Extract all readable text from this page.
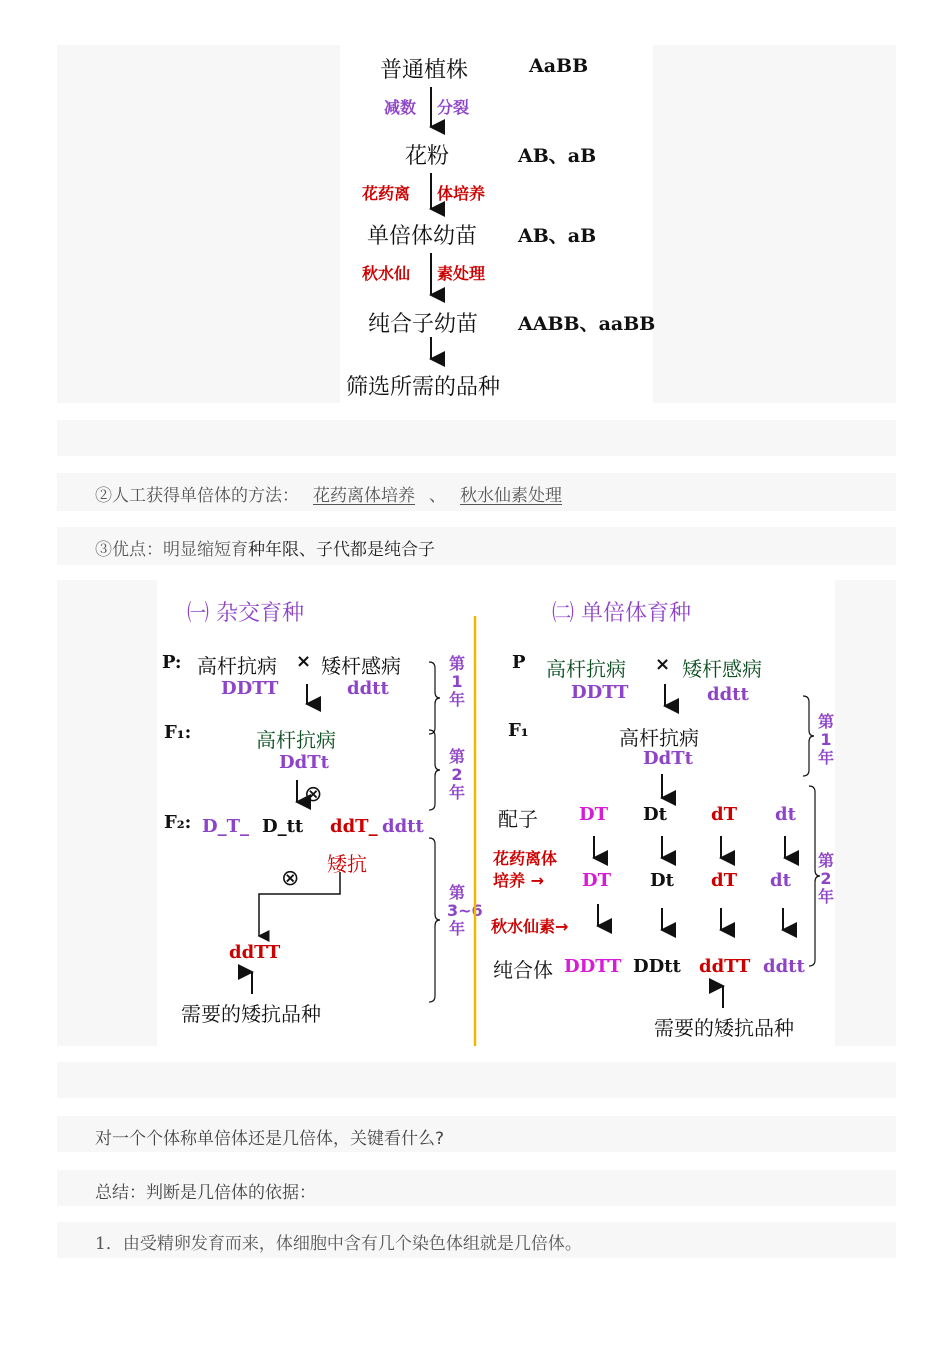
普通植株	AaBB
减数 分裂
花粉	AB、aB
花药离 体培养
单倍体幼苗 AB、aB
秋水仙 素处理
纯合子幼苗 AABB、aaBB
筛选所需的品种
②人工获得单倍体的方法： 花药离体培养 、 秋水仙素处理
③优点：明显缩短育种年限、子代都是纯合子
㈠ 杂交育种
P: 高杆抗病 × 矮杆感病
DDTT	ddtt
F₁:	高杆抗病
DdTt
⊗
F₂: D_T_ D_tt ddT_ ddtt
矮抗
⊗
ddTT
需要的矮抗品种
第1年
第2年
第3~6年
㈡ 单倍体育种
P 高杆抗病 × 矮杆感病
DDTT	ddtt
F₁	高杆抗病
DdTt
配子 DT Dt dT dt
花药离体
培养 → DT Dt dT dt
秋水仙素→
纯合体 DDTT DDtt ddTT ddtt
需要的矮抗品种
第1年
第2年
对一个个体称单倍体还是几倍体，关键看什么?
总结：判断是几倍体的依据：
1．由受精卵发育而来，体细胞中含有几个染色体组就是几倍体。
